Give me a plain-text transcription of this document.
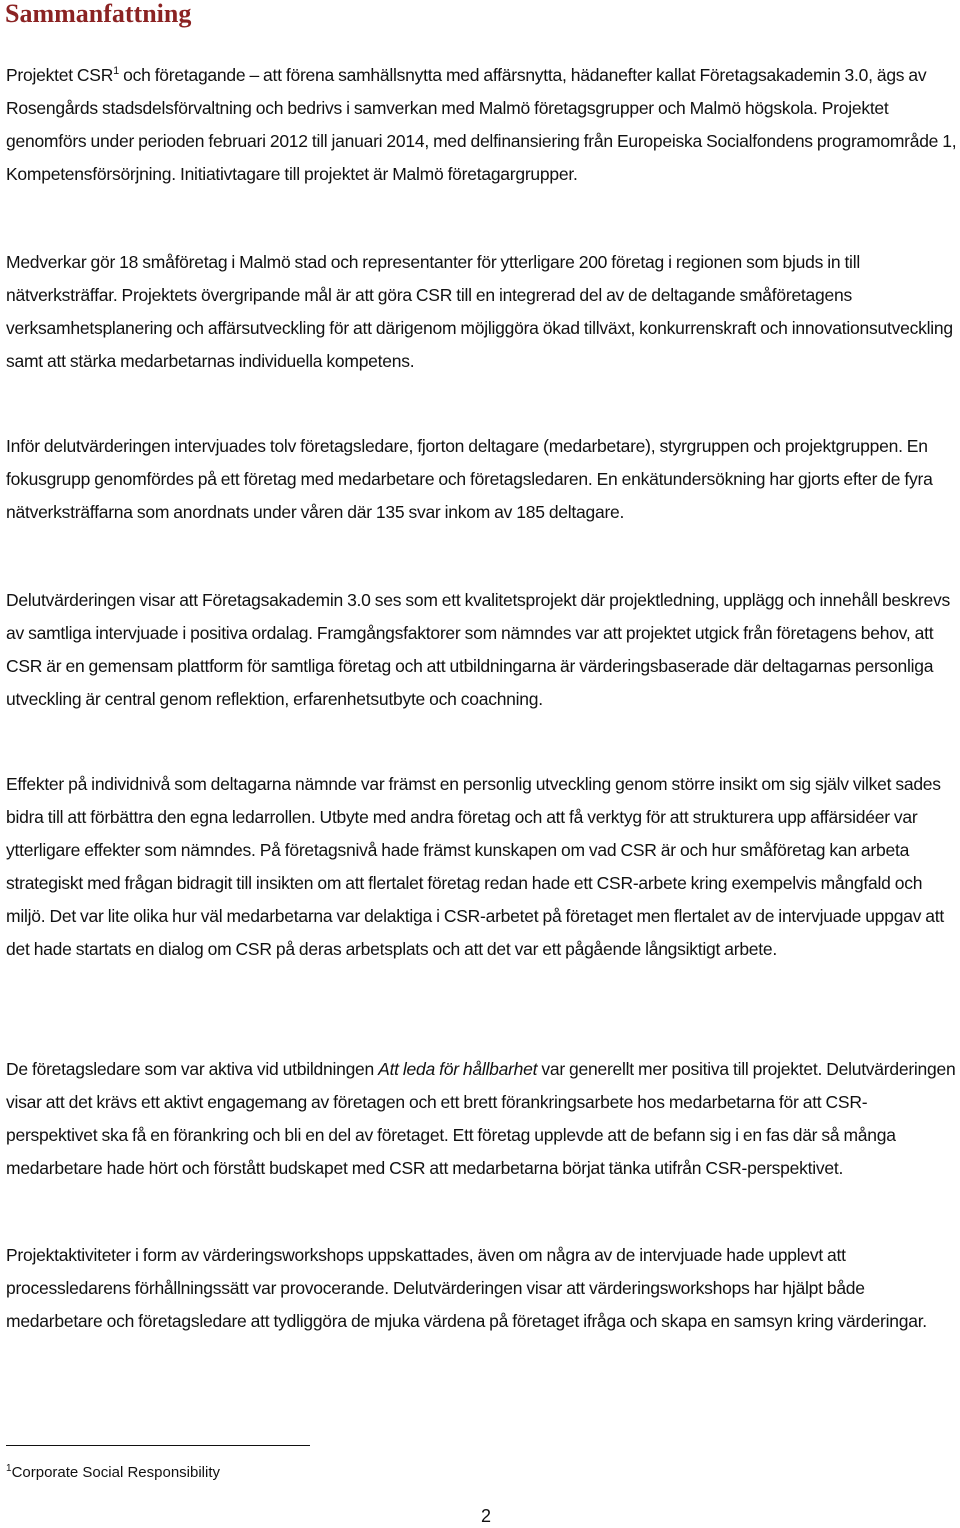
Sammanfattning

Projektet CSR$^1$ och företagande – att förena samhällsnytta med affärsnytta, hädanefter kallat Företagsakademin 3.0, ägs av Rosengårds stadsdelsförvaltning och bedrivs i samverkan med Malmö företagsgrupper och Malmö högskola. Projektet genomförs under perioden februari 2012 till januari 2014, med delfinansiering från Europeiska Socialfondens programområde 1, Kompetensförsörjning. Initiativtagare till projektet är Malmö företagargrupper.

Medverkar gör 18 småföretag i Malmö stad och representanter för ytterligare 200 företag i regionen som bjuds in till nätverksträffar. Projektets övergripande mål är att göra CSR till en integrerad del av de deltagande småföretagens verksamhetsplanering och affärsutveckling för att därigenom möjliggöra ökad tillväxt, konkurrenskraft och innovationsutveckling samt att stärka medarbetarnas individuella kompetens.

Inför delutvärderingen intervjuades tolv företagsledare, fjorton deltagare (medarbetare), styrgruppen och projektgruppen. En fokusgrupp genomfördes på ett företag med medarbetare och företagsledaren. En enkätundersökning har gjorts efter de fyra nätverksträffarna som anordnats under våren där 135 svar inkom av 185 deltagare.

Delutvärderingen visar att Företagsakademin 3.0 ses som ett kvalitetsprojekt där projektledning, upplägg och innehåll beskrevs av samtliga intervjuade i positiva ordalag. Framgångsfaktorer som nämndes var att projektet utgick från företagens behov, att CSR är en gemensam plattform för samtliga företag och att utbildningarna är värderingsbaserade där deltagarnas personliga utveckling är central genom reflektion, erfarenhetsutbyte och coachning.

Effekter på individnivå som deltagarna nämnde var främst en personlig utveckling genom större insikt om sig själv vilket sades bidra till att förbättra den egna ledarrollen. Utbyte med andra företag och att få verktyg för att strukturera upp affärsidéer var ytterligare effekter som nämndes. På företagsnivå hade främst kunskapen om vad CSR är och hur småföretag kan arbeta strategiskt med frågan bidragit till insikten om att flertalet företag redan hade ett CSR-arbete kring exempelvis mångfald och miljö. Det var lite olika hur väl medarbetarna var delaktiga i CSR-arbetet på företaget men flertalet av de intervjuade uppgav att det hade startats en dialog om CSR på deras arbetsplats och att det var ett pågående långsiktigt arbete.

De företagsledare som var aktiva vid utbildningen Att leda för hållbarhet var generellt mer positiva till projektet. Delutvärderingen visar att det krävs ett aktivt engagemang av företagen och ett brett förankringsarbete hos medarbetarna för att CSR-perspektivet ska få en förankring och bli en del av företaget. Ett företag upplevde att de befann sig i en fas där så många medarbetare hade hört och förstått budskapet med CSR att medarbetarna börjat tänka utifrån CSR-perspektivet.

Projektaktiviteter i form av värderingsworkshops uppskattades, även om några av de intervjuade hade upplevt att processledarens förhållningssätt var provocerande. Delutvärderingen visar att värderingsworkshops har hjälpt både medarbetare och företagsledare att tydliggöra de mjuka värdena på företaget ifråga och skapa en samsyn kring värderingar.

$^1$Corporate Social Responsibility

2
